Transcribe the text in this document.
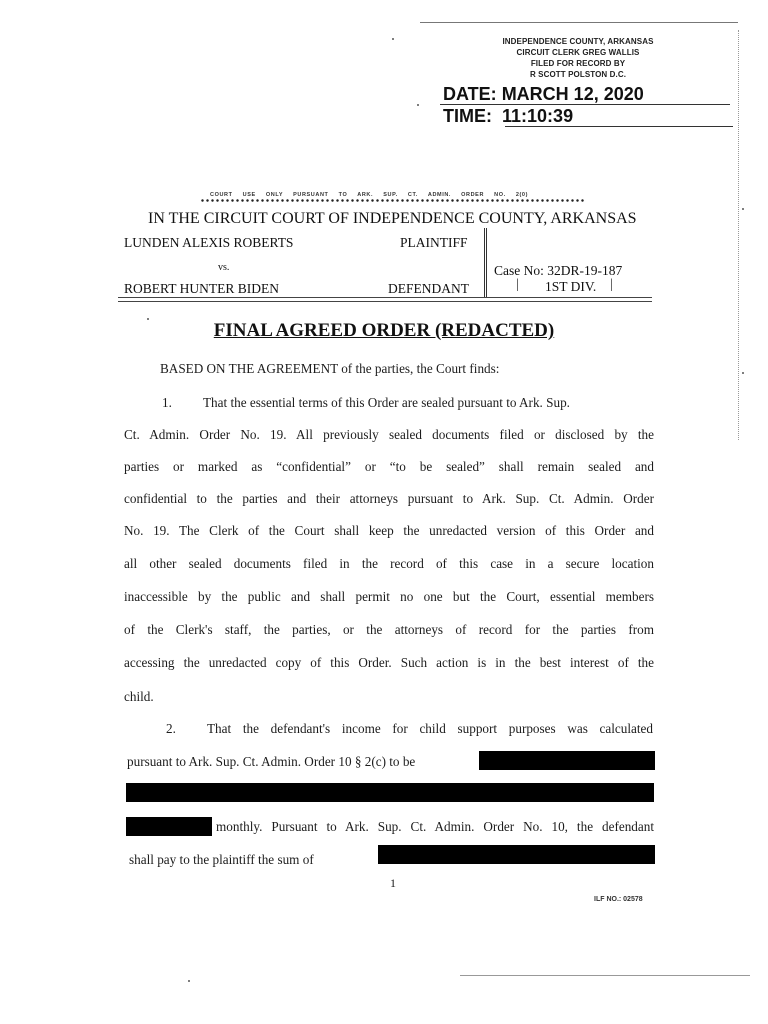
INDEPENDENCE COUNTY, ARKANSAS
CIRCUIT CLERK GREG WALLIS
FILED FOR RECORD BY
R SCOTT POLSTON D.C.
DATE: MARCH 12, 2020
TIME: 11:10:39
COURT USE ONLY PURSUANT TO ARK. SUP. CT. ADMIN. ORDER NO. 2(0)
IN THE CIRCUIT COURT OF INDEPENDENCE COUNTY, ARKANSAS
LUNDEN ALEXIS ROBERTS	PLAINTIFF
vs.
ROBERT HUNTER BIDEN	DEFENDANT
Case No: 32DR-19-187
| 1ST DIV. |
FINAL AGREED ORDER (REDACTED)
BASED ON THE AGREEMENT of the parties, the Court finds:
1. That the essential terms of this Order are sealed pursuant to Ark. Sup.
Ct. Admin. Order No. 19. All previously sealed documents filed or disclosed by the
parties or marked as “confidential” or “to be sealed” shall remain sealed and
confidential to the parties and their attorneys pursuant to Ark. Sup. Ct. Admin. Order
No. 19. The Clerk of the Court shall keep the unredacted version of this Order and
all other sealed documents filed in the record of this case in a secure location
inaccessible by the public and shall permit no one but the Court, essential members
of the Clerk's staff, the parties, or the attorneys of record for the parties from
accessing the unredacted copy of this Order. Such action is in the best interest of the
child.
2. That the defendant's income for child support purposes was calculated
pursuant to Ark. Sup. Ct. Admin. Order 10 § 2(c) to be
monthly. Pursuant to Ark. Sup. Ct. Admin. Order No. 10, the defendant
shall pay to the plaintiff the sum of
1
ILF NO.: 02578
